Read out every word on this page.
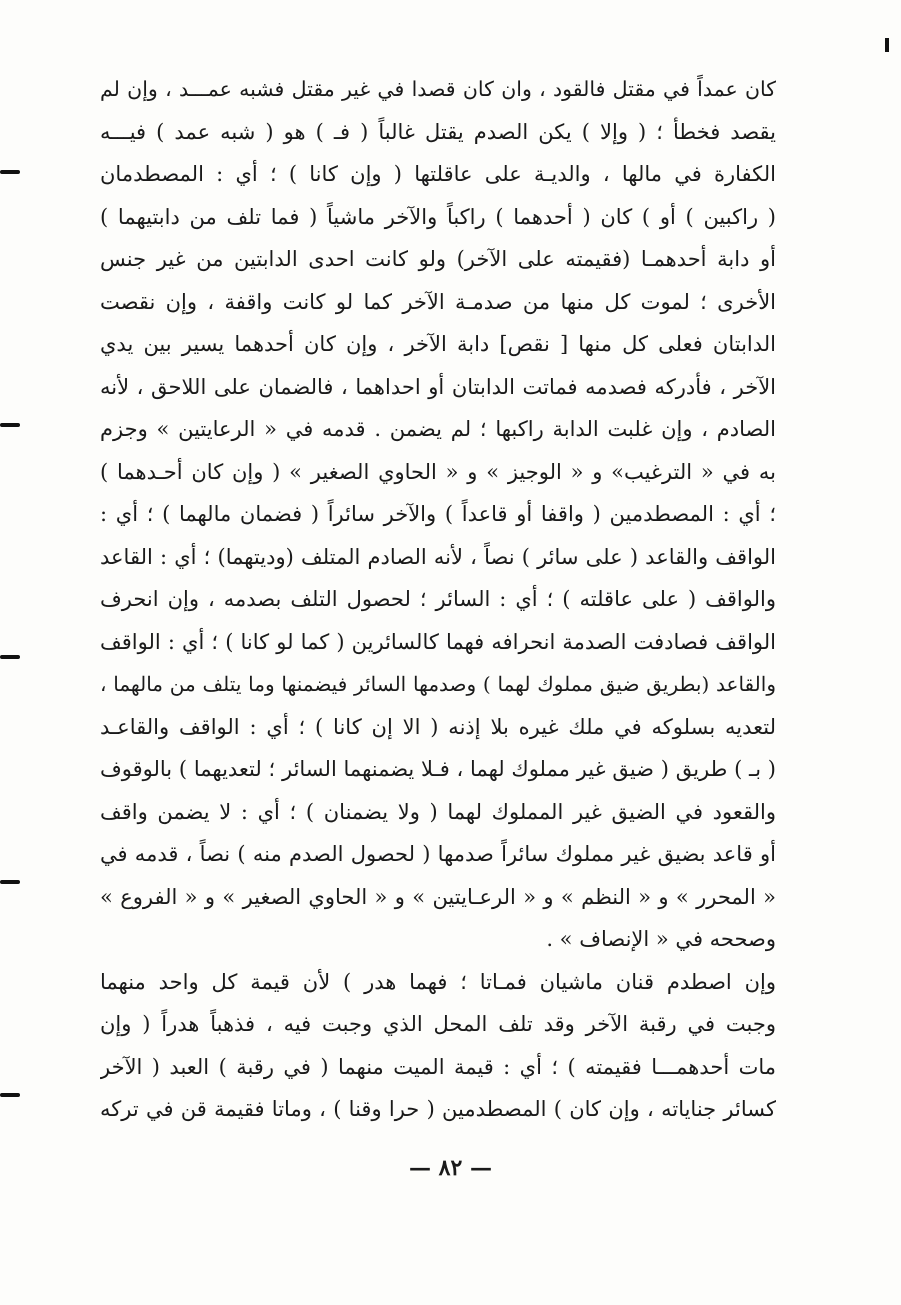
كان عمداً في مقتل فالقود ، وان كان قصدا في غير مقتل فشبه عمـــد ، وإن لم
يقصد فخطأ ؛ ( وإلا ) يكن الصدم يقتل غالباً ( فـ ) هو ( شبه عمد ) فيـــه
الكفارة في مالها ، والديـة على عاقلتها ( وإن كانا ) ؛ أي : المصطدمان
( راكبين ) أو ) كان ( أحدهما ) راكباً والآخر ماشياً ( فما تلف من دابتيهما )
أو دابة أحدهمـا (فقيمته على الآخر) ولو كانت احدى الدابتين من غير جنس
الأخرى ؛ لموت كل منها من صدمـة الآخر كما لو كانت واقفة ، وإن نقصت
الدابتان فعلى كل منها [ نقص] دابة الآخر ، وإن كان أحدهما يسير بين يدي
الآخر ، فأدركه فصدمه فماتت الدابتان أو احداهما ، فالضمان على اللاحق ، لأنه
الصادم ، وإن غلبت الدابة راكبها ؛ لم يضمن . قدمه في « الرعايتين » وجزم
به في « الترغيب» و « الوجيز » و « الحاوي الصغير » ( وإن كان أحـدهما )
؛ أي : المصطدمين ( واقفا أو قاعداً ) والآخر سائراً ( فضمان مالهما ) ؛ أي :
الواقف والقاعد ( على سائر ) نصاً ، لأنه الصادم المتلف (وديتهما) ؛ أي : القاعد
والواقف ( على عاقلته ) ؛ أي : السائر ؛ لحصول التلف بصدمه ، وإن انحرف
الواقف فصادفت الصدمة انحرافه فهما كالسائرين ( كما لو كانا ) ؛ أي : الواقف
والقاعد (بطريق ضيق مملوك لهما ) وصدمها السائر فيضمنها وما يتلف من مالهما ،
لتعديه بسلوكه في ملك غيره بلا إذنه ( الا إن كانا ) ؛ أي : الواقف والقاعـد
( بـ ) طريق ( ضيق غير مملوك لهما ، فـلا يضمنهما السائر ؛ لتعديهما ) بالوقوف
والقعود في الضيق غير المملوك لهما ( ولا يضمنان ) ؛ أي : لا يضمن واقف
أو قاعد بضيق غير مملوك سائراً صدمها ( لحصول الصدم منه ) نصاً ، قدمه في
« المحرر » و « النظم » و « الرعـايتين » و « الحاوي الصغير » و « الفروع »
وصححه في « الإنصاف » .
وإن اصطدم قنان ماشيان فمـاتا ؛ فهما هدر ) لأن قيمة كل واحد منهما
وجبت في رقبة الآخر وقد تلف المحل الذي وجبت فيه ، فذهباً هدراً ( وإن
مات أحدهمـــا فقيمته ) ؛ أي : قيمة الميت منهما ( في رقبة ) العبد ( الآخر
كسائر جناياته ، وإن كان ) المصطدمين ( حرا وقنا ) ، وماتا فقيمة قن في تركه
— ٨٢ —
